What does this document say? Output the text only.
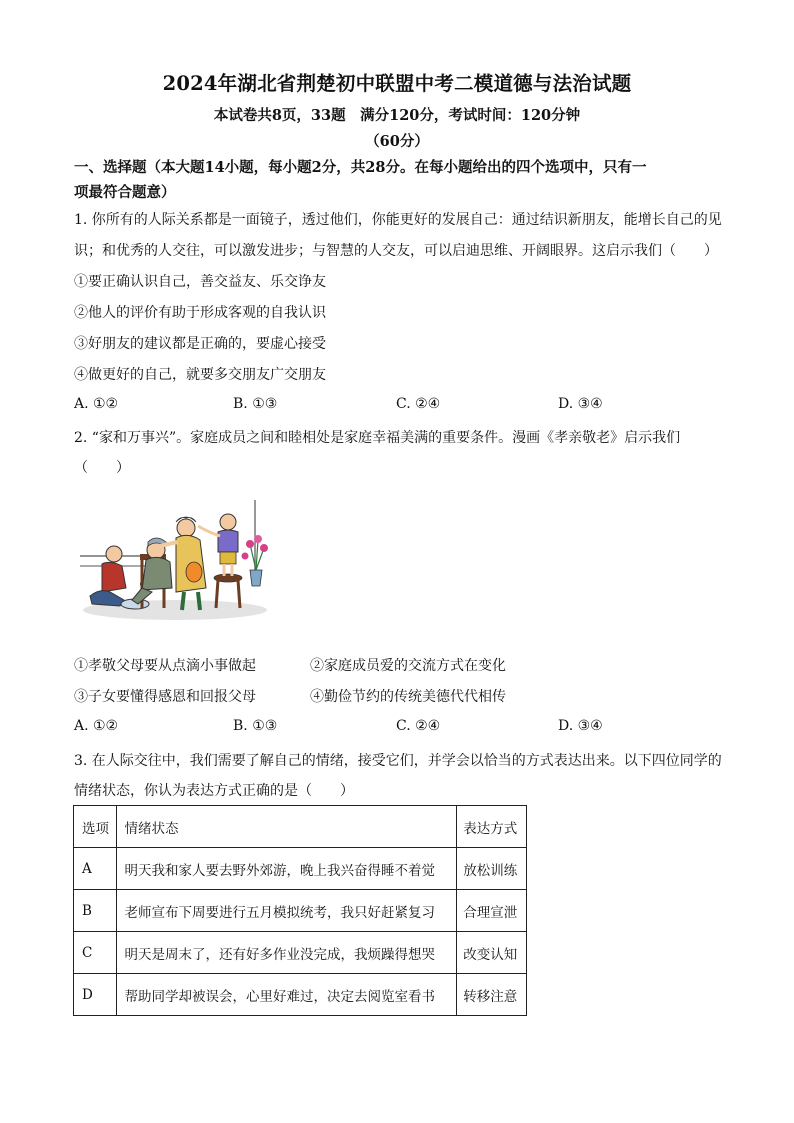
2024年湖北省荆楚初中联盟中考二模道德与法治试题
本试卷共8页，33题　满分120分，考试时间：120分钟
（60分）
一、选择题（本大题14小题，每小题2分，共28分。在每小题给出的四个选项中，只有一
项最符合题意）
1. 你所有的人际关系都是一面镜子，透过他们，你能更好的发展自己：通过结识新朋友，能增长自己的见
识；和优秀的人交往，可以激发进步；与智慧的人交友，可以启迪思维、开阔眼界。这启示我们（　　）
①要正确认识自己，善交益友、乐交诤友
②他人的评价有助于形成客观的自我认识
③好朋友的建议都是正确的，要虚心接受
④做更好的自己，就要多交朋友广交朋友
A. ①②	B. ①③	C. ②④	D. ③④
2. “家和万事兴”。家庭成员之间和睦相处是家庭幸福美满的重要条件。漫画《孝亲敬老》启示我们
（　　）
①孝敬父母要从点滴小事做起	②家庭成员爱的交流方式在变化
③子女要懂得感恩和回报父母	④勤俭节约的传统美德代代相传
A. ①②	B. ①③	C. ②④	D. ③④
3. 在人际交往中，我们需要了解自己的情绪，接受它们，并学会以恰当的方式表达出来。以下四位同学的
情绪状态，你认为表达方式正确的是（　　）
选项	情绪状态	表达方式
A	明天我和家人要去野外郊游，晚上我兴奋得睡不着觉	放松训练
B	老师宣布下周要进行五月模拟统考，我只好赶紧复习	合理宣泄
C	明天是周末了，还有好多作业没完成，我烦躁得想哭	改变认知
D	帮助同学却被误会，心里好难过，决定去阅览室看书	转移注意
